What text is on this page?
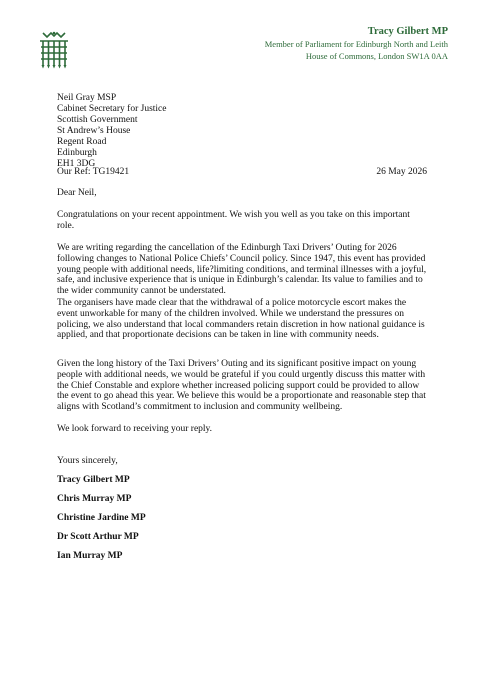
Tracy Gilbert MP
Member of Parliament for Edinburgh North and Leith
House of Commons, London SW1A 0AA
Neil Gray MSP
Cabinet Secretary for Justice
Scottish Government
St Andrew’s House
Regent Road
Edinburgh
EH1 3DG
Our Ref: TG19421	26 May 2026
Dear Neil,
Congratulations on your recent appointment. We wish you well as you take on this important role.
We are writing regarding the cancellation of the Edinburgh Taxi Drivers’ Outing for 2026 following changes to National Police Chiefs’ Council policy. Since 1947, this event has provided young people with additional needs, life?limiting conditions, and terminal illnesses with a joyful, safe, and inclusive experience that is unique in Edinburgh’s calendar. Its value to families and to the wider community cannot be understated.
The organisers have made clear that the withdrawal of a police motorcycle escort makes the event unworkable for many of the children involved. While we understand the pressures on policing, we also understand that local commanders retain discretion in how national guidance is applied, and that proportionate decisions can be taken in line with community needs.
Given the long history of the Taxi Drivers’ Outing and its significant positive impact on young people with additional needs, we would be grateful if you could urgently discuss this matter with the Chief Constable and explore whether increased policing support could be provided to allow the event to go ahead this year. We believe this would be a proportionate and reasonable step that aligns with Scotland’s commitment to inclusion and community wellbeing.
We look forward to receiving your reply.
Yours sincerely,
Tracy Gilbert MP
Chris Murray MP
Christine Jardine MP
Dr Scott Arthur MP
Ian Murray MP
